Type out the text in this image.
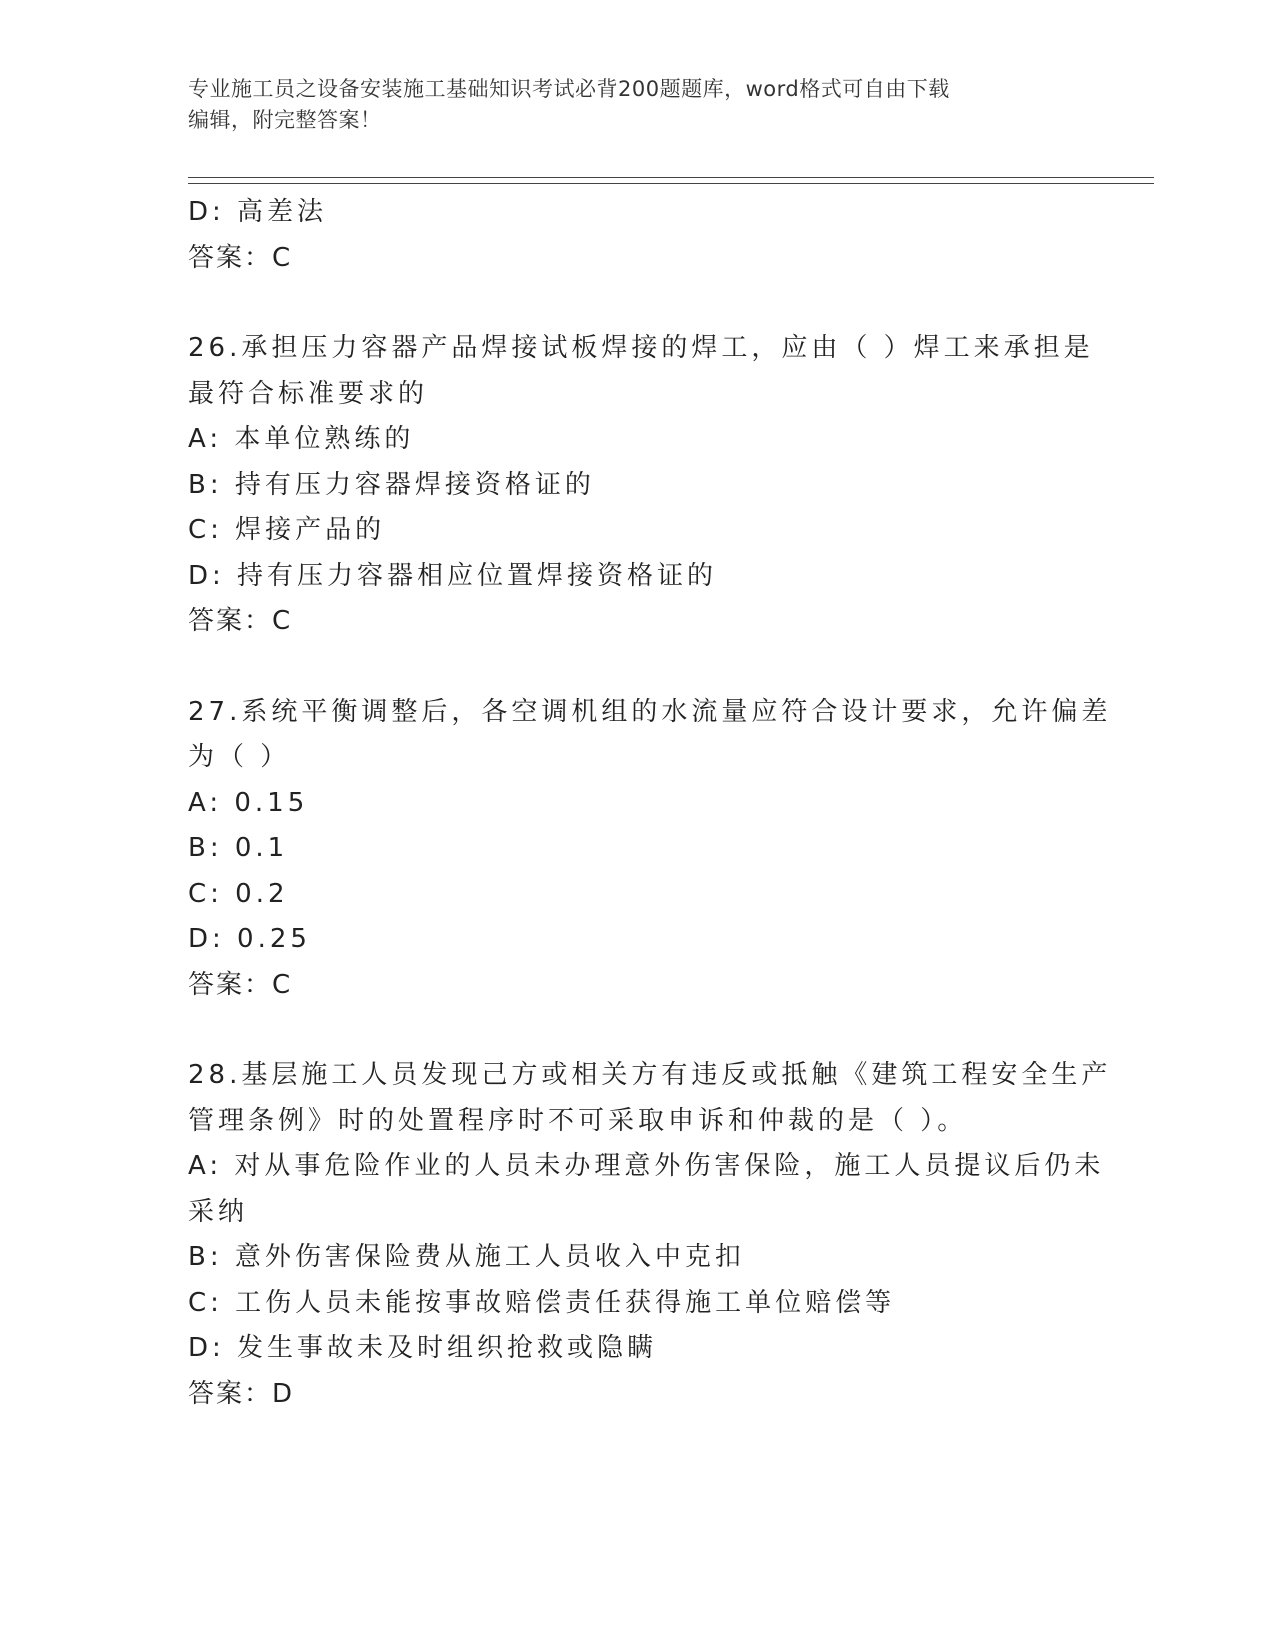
专业施工员之设备安装施工基础知识考试必背200题题库，word格式可自由下载
编辑，附完整答案！
D: 高差法
答案：C
26.承担压力容器产品焊接试板焊接的焊工，应由（ ）焊工来承担是
最符合标准要求的
A: 本单位熟练的
B: 持有压力容器焊接资格证的
C: 焊接产品的
D: 持有压力容器相应位置焊接资格证的
答案：C
27.系统平衡调整后，各空调机组的水流量应符合设计要求，允许偏差
为（ ）
A: 0.15
B: 0.1
C: 0.2
D: 0.25
答案：C
28.基层施工人员发现己方或相关方有违反或抵触《建筑工程安全生产
管理条例》时的处置程序时不可采取申诉和仲裁的是（ ）。
A: 对从事危险作业的人员未办理意外伤害保险，施工人员提议后仍未
采纳
B: 意外伤害保险费从施工人员收入中克扣
C: 工伤人员未能按事故赔偿责任获得施工单位赔偿等
D: 发生事故未及时组织抢救或隐瞒
答案：D
